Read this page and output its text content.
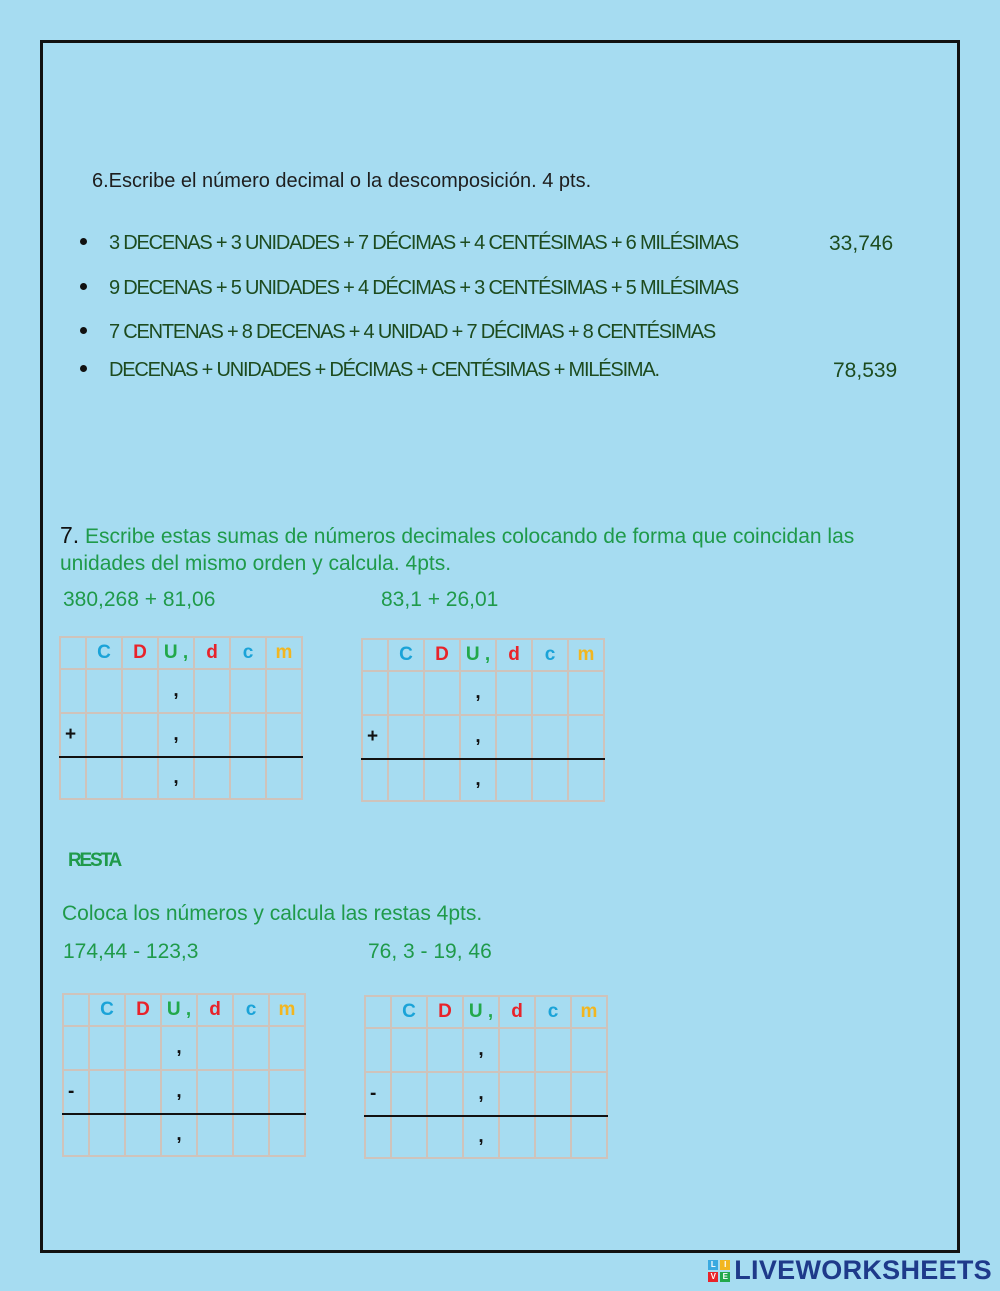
6.Escribe el número decimal o la descomposición. 4 pts.
3 DECENAS + 3 UNIDADES + 7 DÉCIMAS + 4 CENTÉSIMAS + 6 MILÉSIMAS	33,746
9 DECENAS + 5 UNIDADES + 4 DÉCIMAS + 3 CENTÉSIMAS + 5 MILÉSIMAS
7 CENTENAS + 8 DECENAS + 4 UNIDAD + 7 DÉCIMAS + 8 CENTÉSIMAS
DECENAS + UNIDADES + DÉCIMAS + CENTÉSIMAS + MILÉSIMA.	78,539
7. Escribe estas sumas de números decimales colocando de forma que coincidan las unidades del mismo orden y calcula. 4pts.
380,268 + 81,06	83,1 + 26,01
	C	D	U ,	d	c	m
			,			
+			,			
			,			
	C	D	U ,	d	c	m
			,			
+			,			
			,			
RESTA
Coloca los números y calcula las restas 4pts.
174,44 - 123,3	76, 3 - 19, 46
	C	D	U ,	d	c	m
			,			
-			,			
			,			
	C	D	U ,	d	c	m
			,			
-			,			
			,			
L	I
V E LIVEWORKSHEETS
